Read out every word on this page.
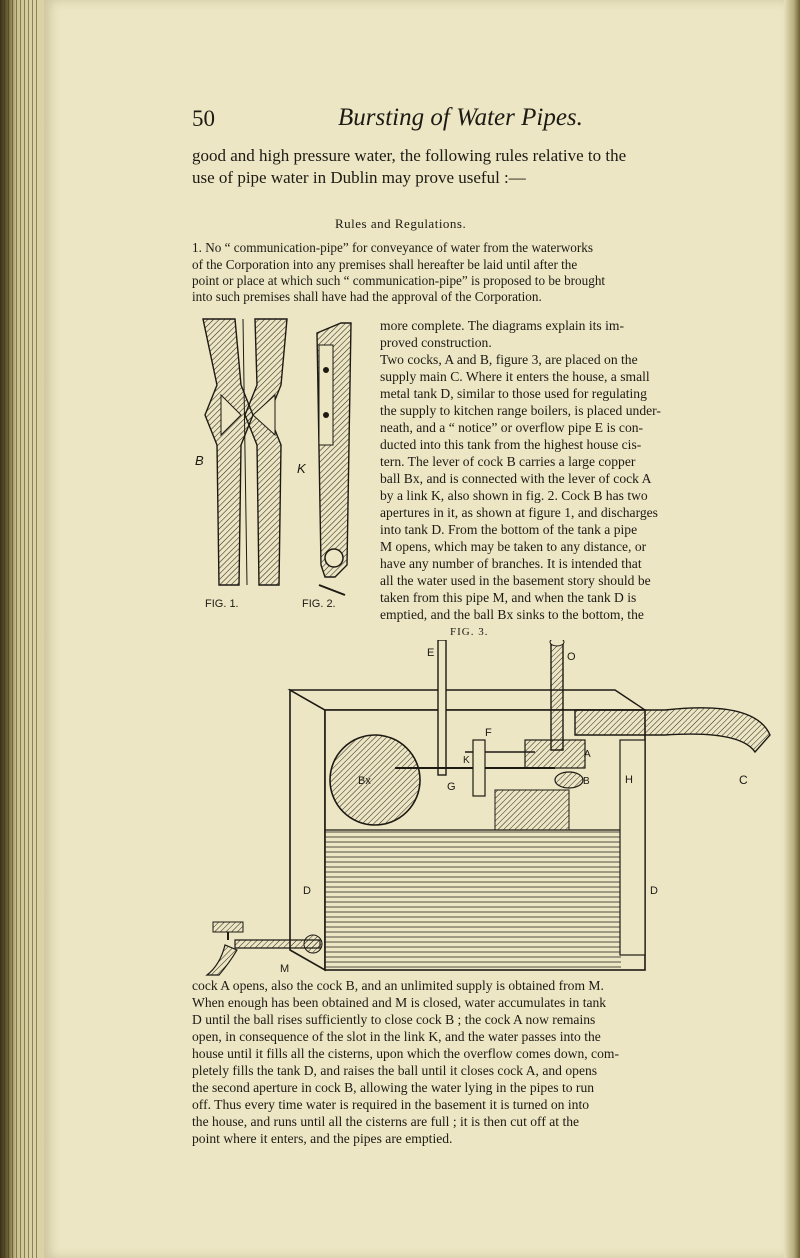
50	Bursting of Water Pipes.
good and high pressure water, the following rules relative to the
use of pipe water in Dublin may prove useful :—
Rules and Regulations.
1. No “ communication-pipe” for conveyance of water from the waterworks
of the Corporation into any premises shall hereafter be laid until after the
point or place at which such “ communication-pipe” is proposed to be brought
into such premises shall have had the approval of the Corporation.
B
K
FIG. 1.	FIG. 2.
more complete. The diagrams explain its im-
proved construction.
Two cocks, A and B, figure 3, are placed on the
supply main C. Where it enters the house, a small
metal tank D, similar to those used for regulating
the supply to kitchen range boilers, is placed under-
neath, and a “ notice” or overflow pipe E is con-
ducted into this tank from the highest house cis-
tern. The lever of cock B carries a large copper
ball Bx, and is connected with the lever of cock A
by a link K, also shown in fig. 2. Cock B has two
apertures in it, as shown at figure 1, and discharges
into tank D. From the bottom of the tank a pipe
M opens, which may be taken to any distance, or
have any number of branches. It is intended that
all the water used in the basement story should be
taken from this pipe M, and when the tank D is
emptied, and the ball Bx sinks to the bottom, the
FIG. 3.
E	O
F
K
A
Bx	G	B	H	C
D	D
M
cock A opens, also the cock B, and an unlimited supply is obtained from M.
When enough has been obtained and M is closed, water accumulates in tank
D until the ball rises sufficiently to close cock B ; the cock A now remains
open, in consequence of the slot in the link K, and the water passes into the
house until it fills all the cisterns, upon which the overflow comes down, com-
pletely fills the tank D, and raises the ball until it closes cock A, and opens
the second aperture in cock B, allowing the water lying in the pipes to run
off. Thus every time water is required in the basement it is turned on into
the house, and runs until all the cisterns are full ; it is then cut off at the
point where it enters, and the pipes are emptied.
